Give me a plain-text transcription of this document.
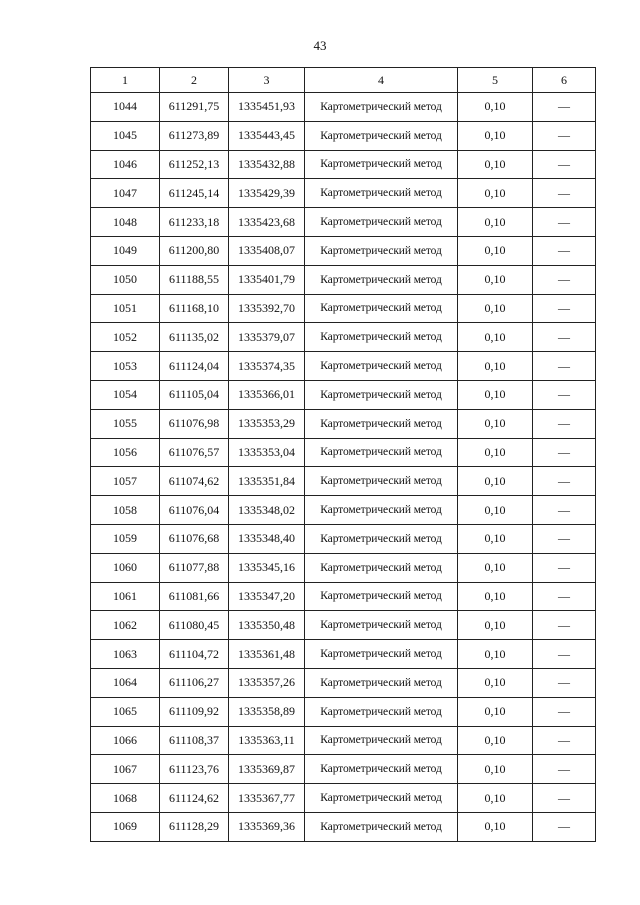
43
1	2	3	4	5	6
1044	611291,75	1335451,93	Картометрический метод	0,10	—
1045	611273,89	1335443,45	Картометрический метод	0,10	—
1046	611252,13	1335432,88	Картометрический метод	0,10	—
1047	611245,14	1335429,39	Картометрический метод	0,10	—
1048	611233,18	1335423,68	Картометрический метод	0,10	—
1049	611200,80	1335408,07	Картометрический метод	0,10	—
1050	611188,55	1335401,79	Картометрический метод	0,10	—
1051	611168,10	1335392,70	Картометрический метод	0,10	—
1052	611135,02	1335379,07	Картометрический метод	0,10	—
1053	611124,04	1335374,35	Картометрический метод	0,10	—
1054	611105,04	1335366,01	Картометрический метод	0,10	—
1055	611076,98	1335353,29	Картометрический метод	0,10	—
1056	611076,57	1335353,04	Картометрический метод	0,10	—
1057	611074,62	1335351,84	Картометрический метод	0,10	—
1058	611076,04	1335348,02	Картометрический метод	0,10	—
1059	611076,68	1335348,40	Картометрический метод	0,10	—
1060	611077,88	1335345,16	Картометрический метод	0,10	—
1061	611081,66	1335347,20	Картометрический метод	0,10	—
1062	611080,45	1335350,48	Картометрический метод	0,10	—
1063	611104,72	1335361,48	Картометрический метод	0,10	—
1064	611106,27	1335357,26	Картометрический метод	0,10	—
1065	611109,92	1335358,89	Картометрический метод	0,10	—
1066	611108,37	1335363,11	Картометрический метод	0,10	—
1067	611123,76	1335369,87	Картометрический метод	0,10	—
1068	611124,62	1335367,77	Картометрический метод	0,10	—
1069	611128,29	1335369,36	Картометрический метод	0,10	—
